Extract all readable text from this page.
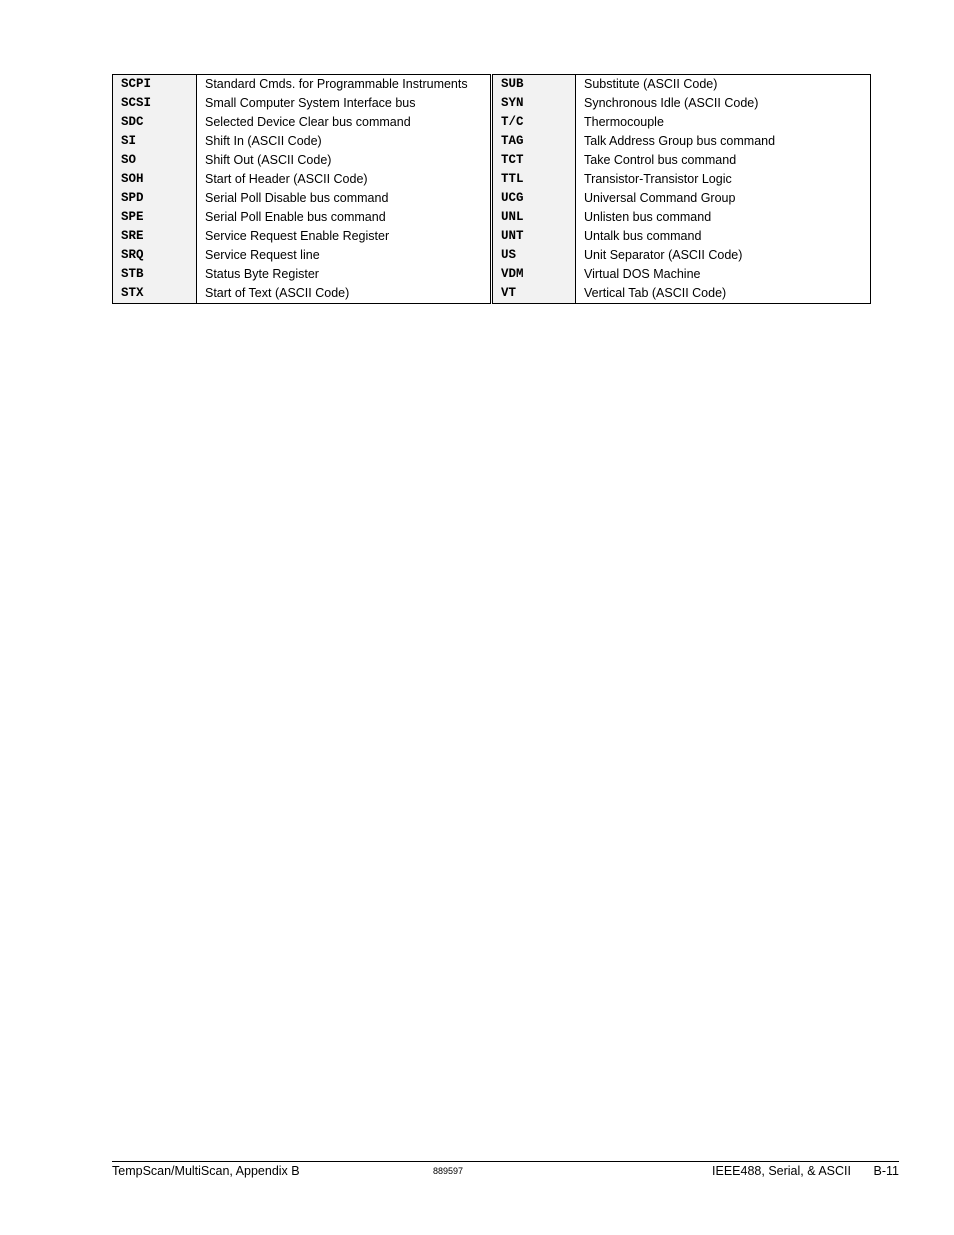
SCPI	Standard Cmds. for Programmable Instruments	SUB	Substitute (ASCII Code)
SCSI	Small Computer System Interface bus	SYN	Synchronous Idle (ASCII Code)
SDC	Selected Device Clear bus command	T/C	Thermocouple
SI	Shift In (ASCII Code)	TAG	Talk Address Group bus command
SO	Shift Out (ASCII Code)	TCT	Take Control bus command
SOH	Start of Header (ASCII Code)	TTL	Transistor-Transistor Logic
SPD	Serial Poll Disable bus command	UCG	Universal Command Group
SPE	Serial Poll Enable bus command	UNL	Unlisten bus command
SRE	Service Request Enable Register	UNT	Untalk bus command
SRQ	Service Request line	US	Unit Separator (ASCII Code)
STB	Status Byte Register	VDM	Virtual DOS Machine
STX	Start of Text (ASCII Code)	VT	Vertical Tab (ASCII Code)
TempScan/MultiScan, Appendix B	889597	IEEE488, Serial, & ASCII B-11
